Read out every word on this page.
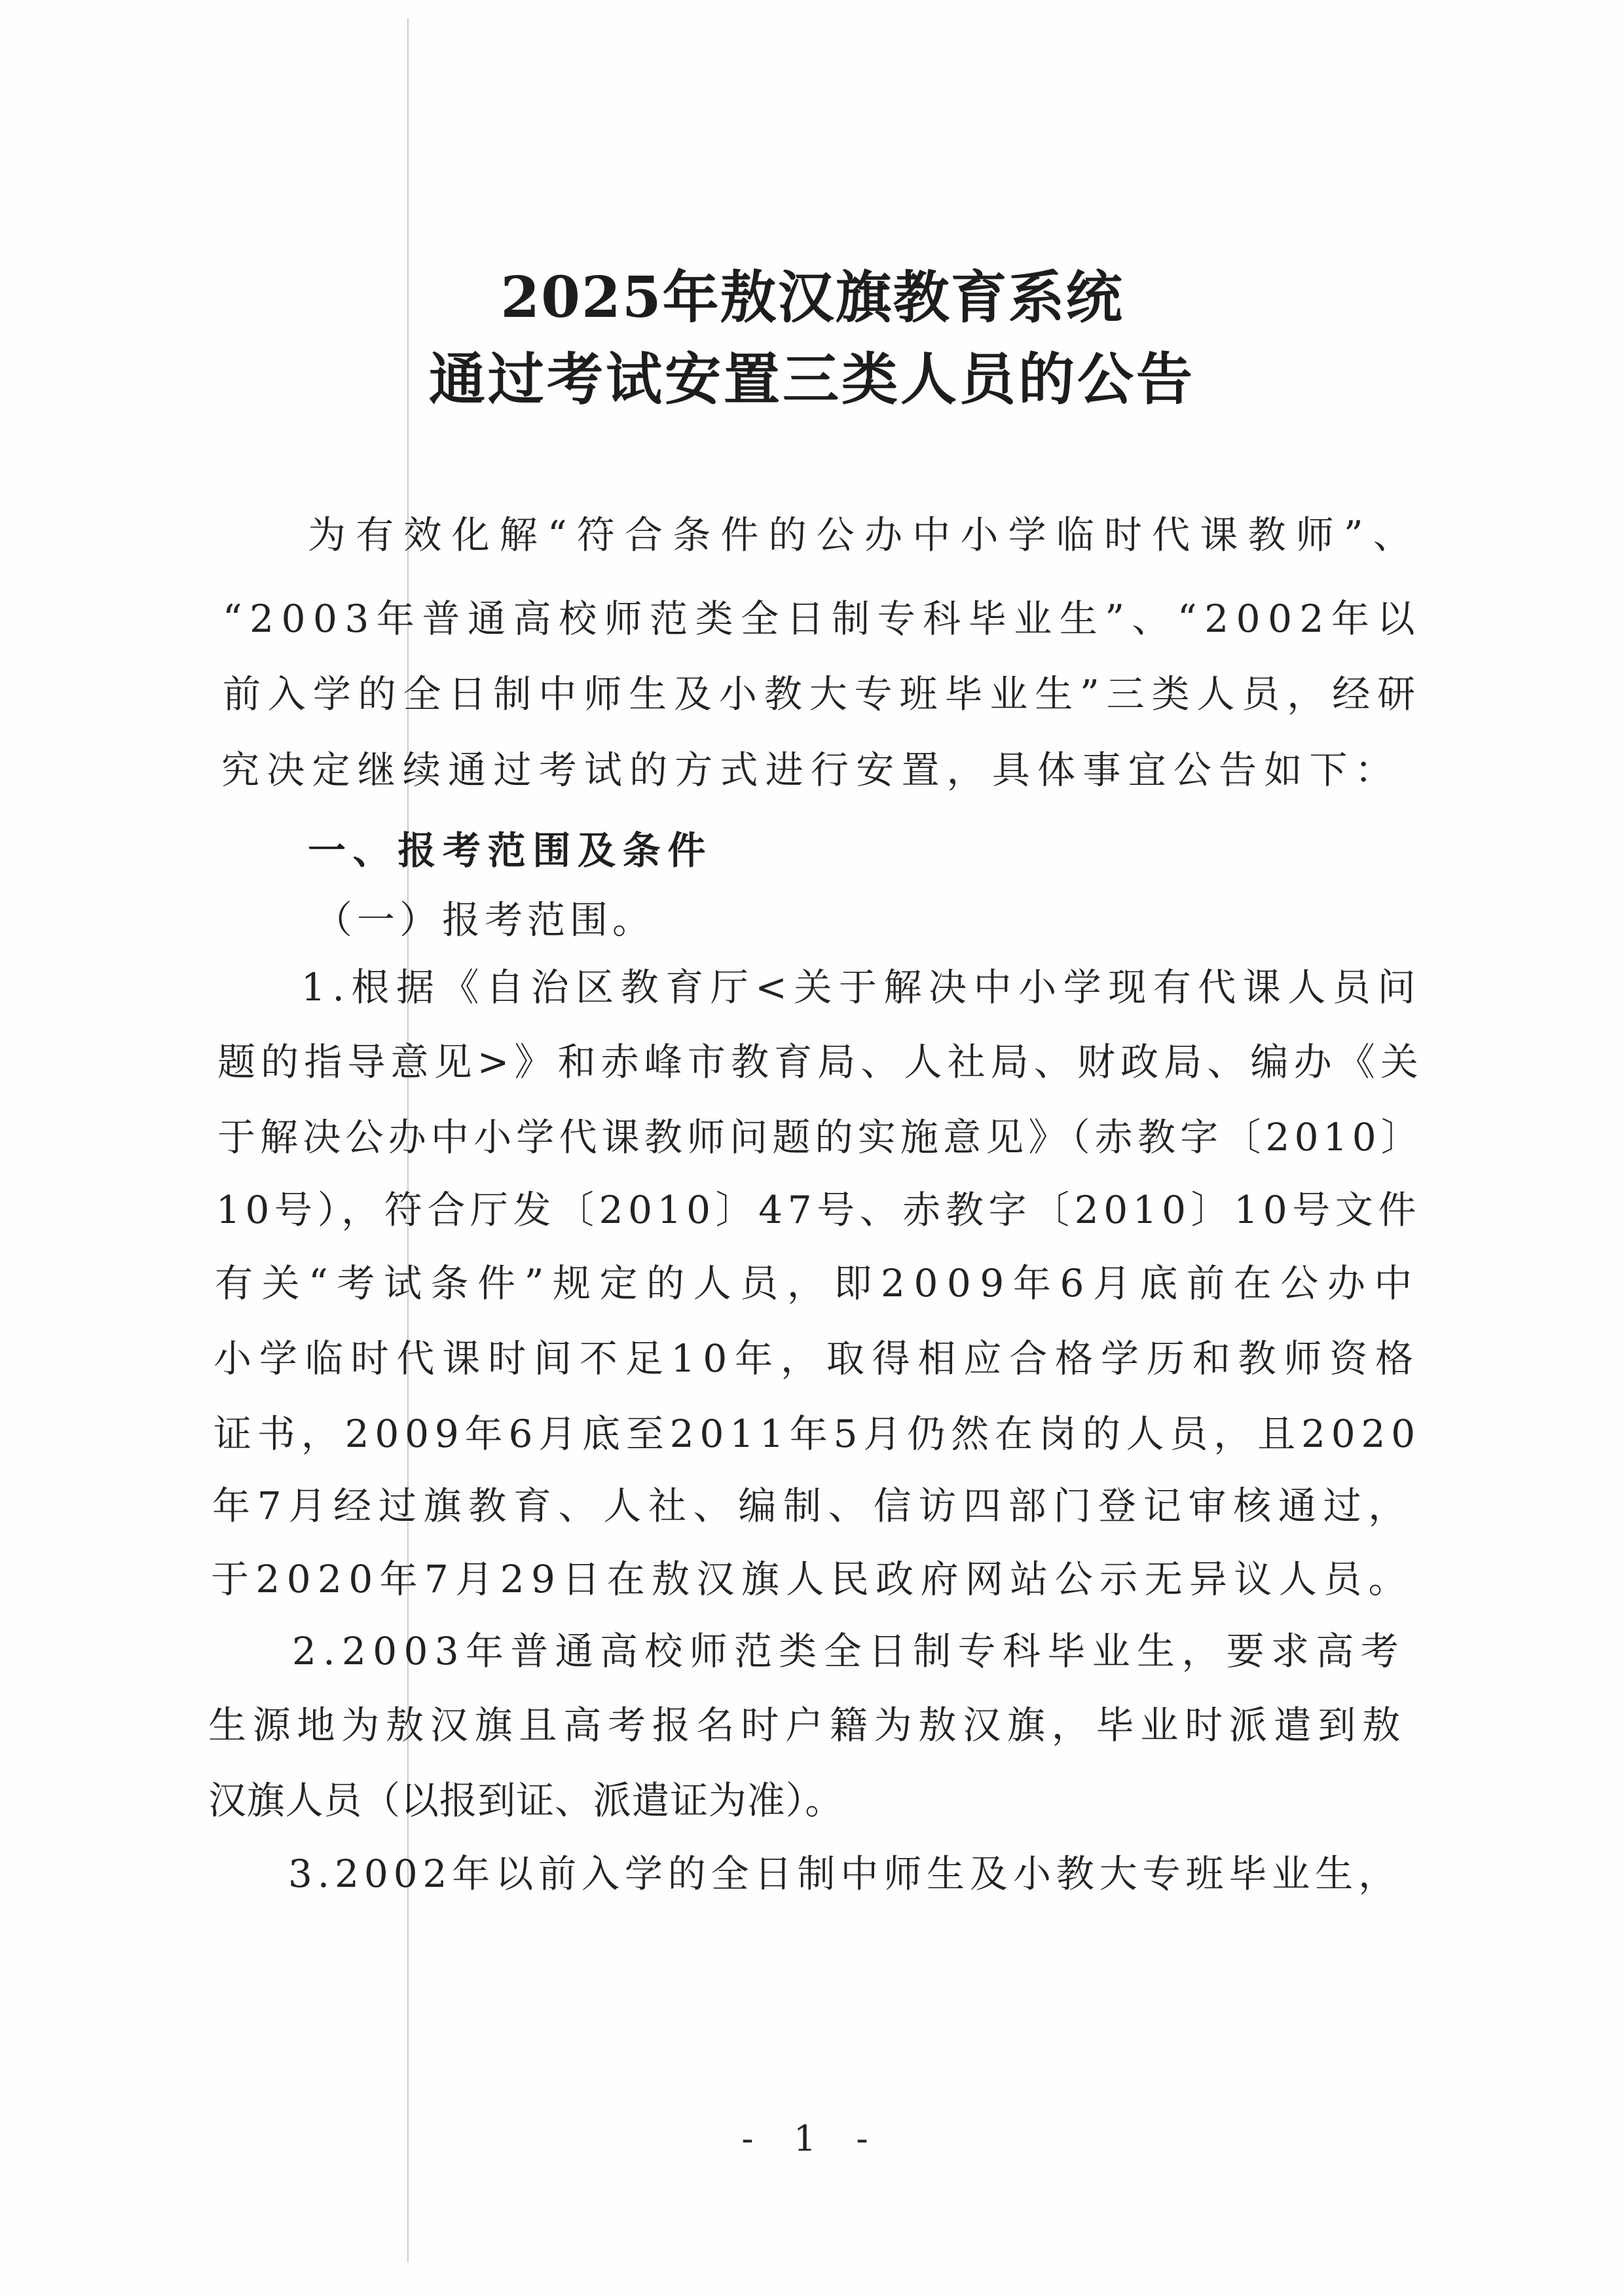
2025年敖汉旗教育系统
通过考试安置三类人员的公告
为有效化解“符合条件的公办中小学临时代课教师”、
“2003年普通高校师范类全日制专科毕业生”、“2002年以
前入学的全日制中师生及小教大专班毕业生”三类人员，经研
究决定继续通过考试的方式进行安置，具体事宜公告如下：
一、报考范围及条件
（一）报考范围。
1.根据《自治区教育厅<关于解决中小学现有代课人员问
题的指导意见>》和赤峰市教育局、人社局、财政局、编办《关
于解决公办中小学代课教师问题的实施意见》（赤教字〔2010〕
10号），符合厅发〔2010〕47号、赤教字〔2010〕10号文件
有关“考试条件”规定的人员，即2009年6月底前在公办中
小学临时代课时间不足10年，取得相应合格学历和教师资格
证书，2009年6月底至2011年5月仍然在岗的人员，且2020
年7月经过旗教育、人社、编制、信访四部门登记审核通过，
于2020年7月29日在敖汉旗人民政府网站公示无异议人员。
2.2003年普通高校师范类全日制专科毕业生，要求高考
生源地为敖汉旗且高考报名时户籍为敖汉旗，毕业时派遣到敖
汉旗人员（以报到证、派遣证为准）。
3.2002年以前入学的全日制中师生及小教大专班毕业生，
- 1 -
